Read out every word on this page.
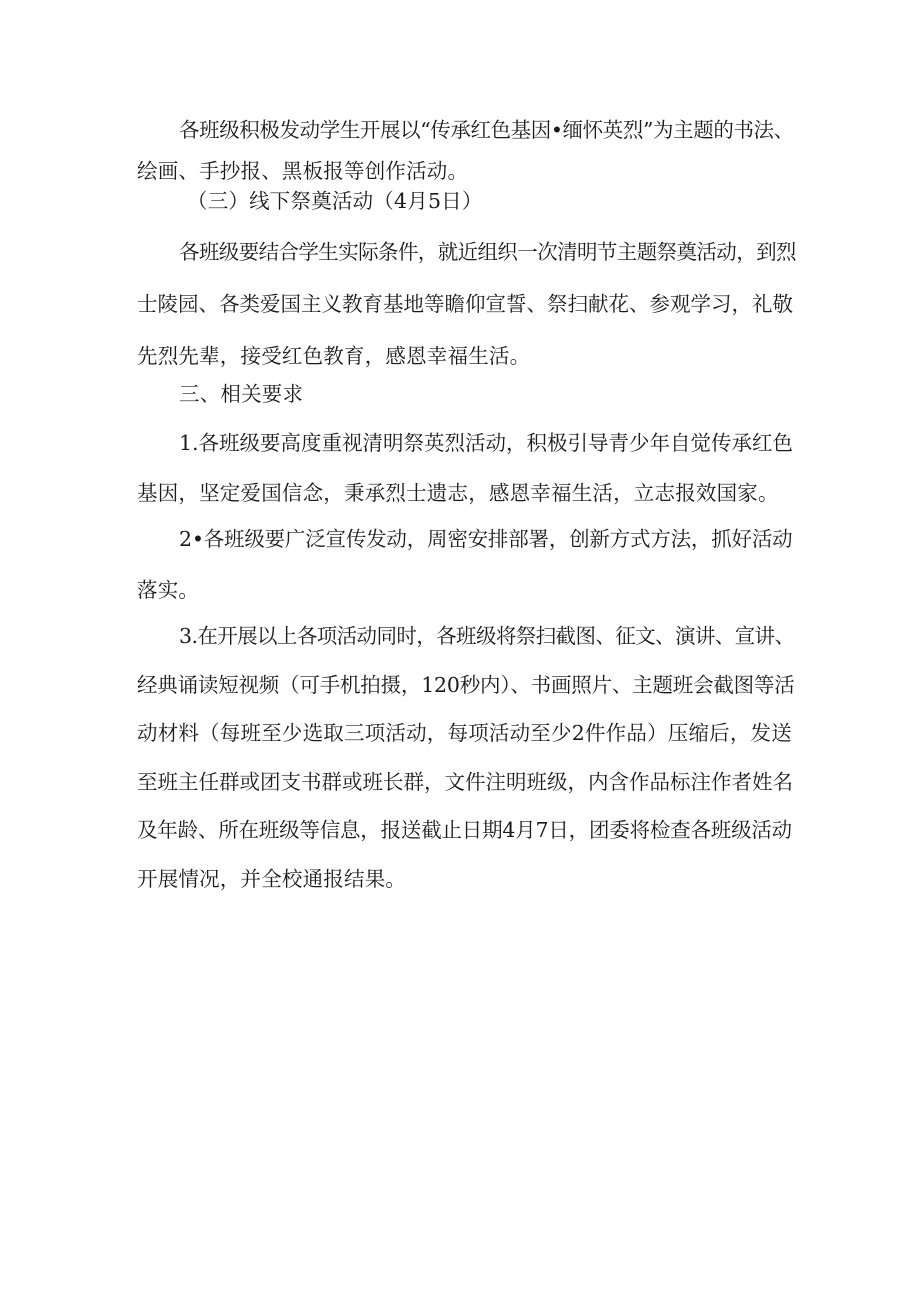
各班级积极发动学生开展以“传承红色基因•缅怀英烈”为主题的书法、
绘画、手抄报、黑板报等创作活动。
（三）线下祭奠活动（4月5日）
各班级要结合学生实际条件，就近组织一次清明节主题祭奠活动，到烈
士陵园、各类爱国主义教育基地等瞻仰宣誓、祭扫献花、参观学习，礼敬
先烈先辈，接受红色教育，感恩幸福生活。
三、相关要求
1.各班级要高度重视清明祭英烈活动，积极引导青少年自觉传承红色
基因，坚定爱国信念，秉承烈士遗志，感恩幸福生活，立志报效国家。
2•各班级要广泛宣传发动，周密安排部署，创新方式方法，抓好活动
落实。
3.在开展以上各项活动同时，各班级将祭扫截图、征文、演讲、宣讲、
经典诵读短视频（可手机拍摄，120秒内）、书画照片、主题班会截图等活
动材料（每班至少选取三项活动，每项活动至少2件作品）压缩后，发送
至班主任群或团支书群或班长群，文件注明班级，内含作品标注作者姓名
及年龄、所在班级等信息，报送截止日期4月7日，团委将检查各班级活动
开展情况，并全校通报结果。
